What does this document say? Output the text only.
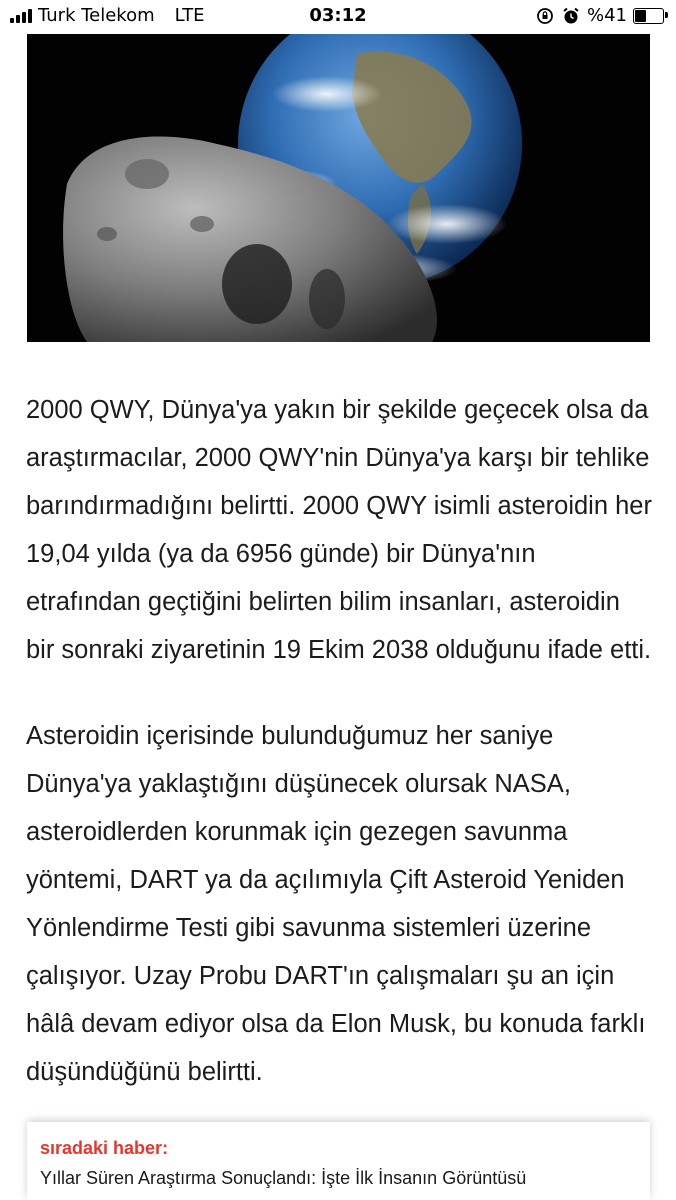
Turk Telekom LTE	03:12	%41

2000 QWY, Dünya'ya yakın bir şekilde geçecek olsa da araştırmacılar, 2000 QWY'nin Dünya'ya karşı bir tehlike barındırmadığını belirtti. 2000 QWY isimli asteroidin her 19,04 yılda (ya da 6956 günde) bir Dünya'nın etrafından geçtiğini belirten bilim insanları, asteroidin bir sonraki ziyaretinin 19 Ekim 2038 olduğunu ifade etti.

Asteroidin içerisinde bulunduğumuz her saniye Dünya'ya yaklaştığını düşünecek olursak NASA, asteroidlerden korunmak için gezegen savunma yöntemi, DART ya da açılımıyla Çift Asteroid Yeniden Yönlendirme Testi gibi savunma sistemleri üzerine çalışıyor. Uzay Probu DART'ın çalışmaları şu an için hâlâ devam ediyor olsa da Elon Musk, bu konuda farklı düşündüğünü belirtti.

sıradaki haber:
Yıllar Süren Araştırma Sonuçlandı: İşte İlk İnsanın Görüntüsü
